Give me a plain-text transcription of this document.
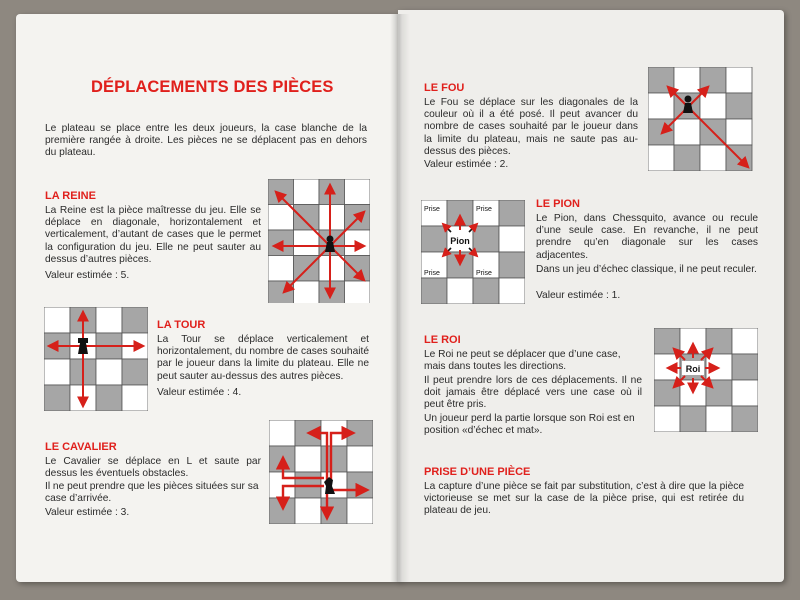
DÉPLACEMENTS DES PIÈCES

Le plateau se place entre les deux joueurs, la case blanche de la première rangée à droite. Les pièces ne se déplacent pas en dehors du plateau.

LA REINE

La Reine est la pièce maîtresse du jeu. Elle se déplace en diagonale, horizontalement et verticalement, d’autant de cases que le permet la configuration du jeu. Elle ne peut sauter au dessus d’autres pièces.

Valeur estimée : 5.

LA TOUR

La Tour se déplace verticalement et horizontalement, du nombre de cases souhaité par le joueur dans la limite du plateau. Elle ne peut sauter au-dessus des autres pièces.

Valeur estimée : 4.

LE CAVALIER

Le Cavalier se déplace en L et saute par dessus les éventuels obstacles.

Il ne peut prendre que les pièces situées sur sa case d’arrivée.

Valeur estimée : 3.

LE FOU

Le Fou se déplace sur les diagonales de la couleur où il a été posé. Il peut avancer du nombre de cases souhaité par le joueur dans la limite du plateau, mais ne saute pas au-dessus des pièces.

Valeur estimée : 2.

LE PION

Le Pion, dans Chessquito, avance ou recule d’une seule case. En revanche, il ne peut prendre qu’en diagonale sur les cases adjacentes.

Dans un jeu d’échec classique, il ne peut reculer.

Valeur estimée : 1.

Pion
Prise	Prise
Prise	Prise
LE ROI

Le Roi ne peut se déplacer que d’une case, mais dans toutes les directions.

Il peut prendre lors de ces déplacements. Il ne doit jamais être déplacé vers une case où il peut être pris.

Un joueur perd la partie lorsque son Roi est en position «d’échec et mat».

Roi
PRISE D’UNE PIÈCE

La capture d’une pièce se fait par substitution, c’est à dire que la pièce victorieuse se met sur la case de la pièce prise, qui est retirée du plateau de jeu.
